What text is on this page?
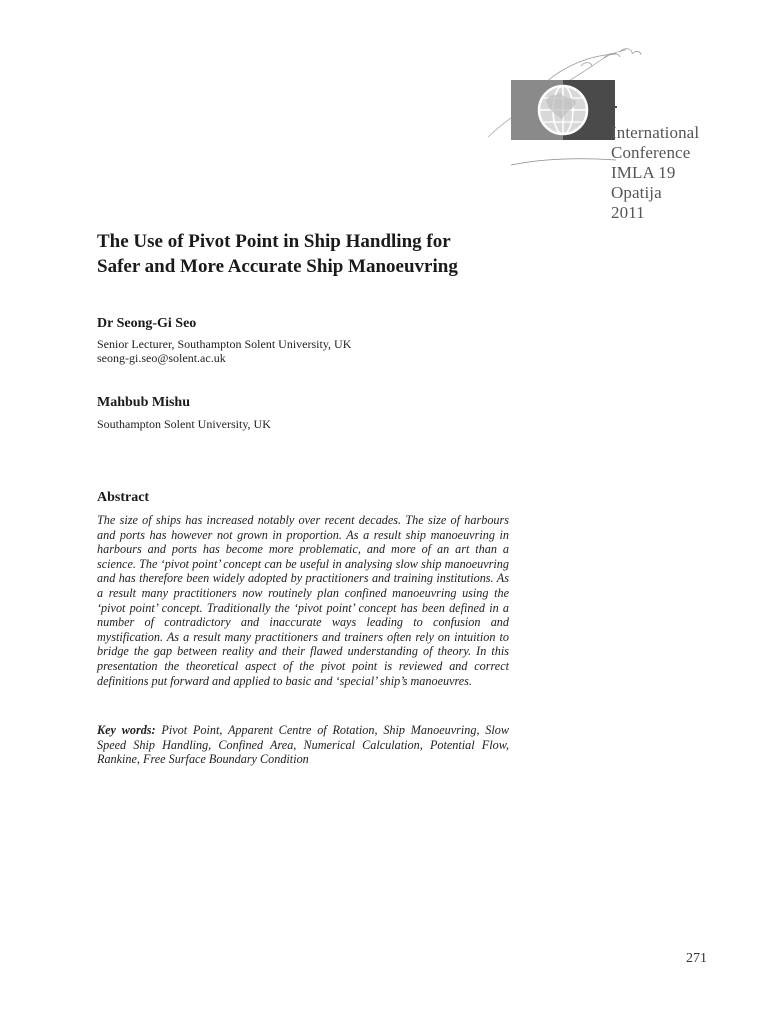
International
Conference
IMLA 19
Opatija
2011
The Use of Pivot Point in Ship Handling for
Safer and More Accurate Ship Manoeuvring
Dr Seong-Gi Seo
Senior Lecturer, Southampton Solent University, UK
seong-gi.seo@solent.ac.uk
Mahbub Mishu
Southampton Solent University, UK
Abstract
The size of ships has increased notably over recent decades. The size of harbours and ports has however not grown in proportion. As a result ship manoeuvring in harbours and ports has become more problematic, and more of an art than a science. The ‘pivot point’ concept can be useful in analysing slow ship manoeuvring and has therefore been widely adopted by practitioners and training institutions. As a result many practitioners now routinely plan confined manoeuvring using the ‘pivot point’ concept. Traditionally the ‘pivot point’ concept has been defined in a number of contradictory and inaccurate ways leading to confusion and mystification. As a result many practitioners and trainers often rely on intuition to bridge the gap between reality and their flawed understanding of theory. In this presentation the theoretical aspect of the pivot point is reviewed and correct definitions put forward and applied to basic and ‘special’ ship’s manoeuvres.
Key words: Pivot Point, Apparent Centre of Rotation, Ship Manoeuvring, Slow Speed Ship Handling, Confined Area, Numerical Calculation, Potential Flow, Rankine, Free Surface Boundary Condition
271
